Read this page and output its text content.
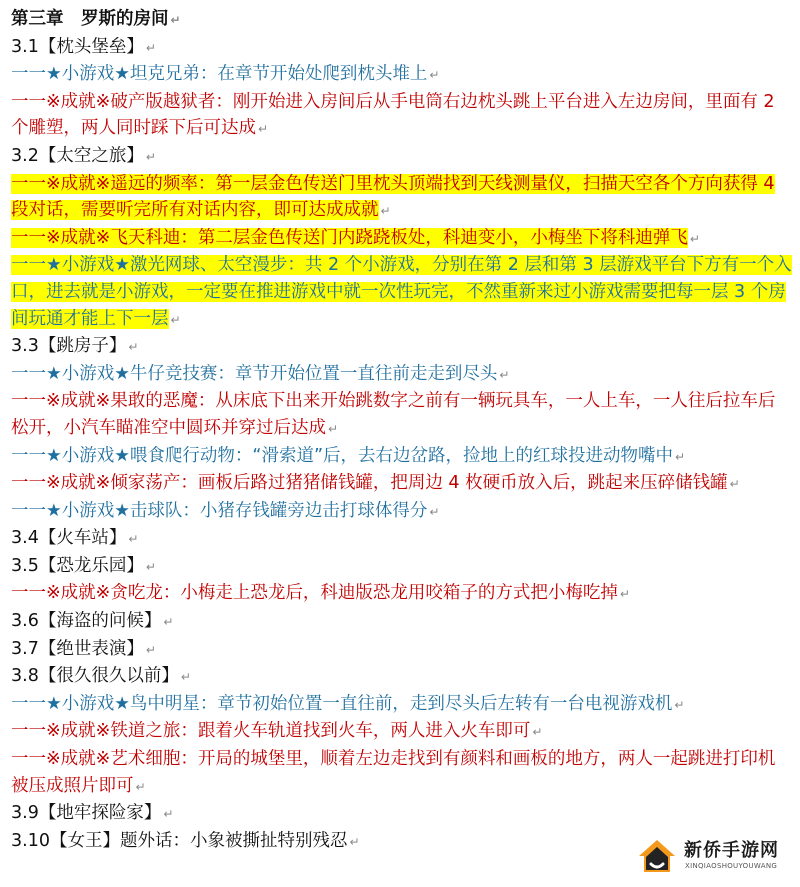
第三章　罗斯的房间 ↵
3.1【枕头堡垒】 ↵
一一★小游戏★坦克兄弟：在章节开始处爬到枕头堆上 ↵
一一※成就※破产版越狱者：刚开始进入房间后从手电筒右边枕头跳上平台进入左边房间，里面有 2 个雕塑，两人同时踩下后可达成 ↵
3.2【太空之旅】 ↵
一一※成就※遥远的频率：第一层金色传送门里枕头顶端找到天线测量仪，扫描天空各个方向获得 4 段对话，需要听完所有对话内容，即可达成成就 ↵
一一※成就※飞天科迪：第二层金色传送门内跷跷板处，科迪变小，小梅坐下将科迪弹飞 ↵
一一★小游戏★激光网球、太空漫步：共 2 个小游戏，分别在第 2 层和第 3 层游戏平台下方有一个入口，进去就是小游戏，一定要在推进游戏中就一次性玩完，不然重新来过小游戏需要把每一层 3 个房间玩通才能上下一层 ↵
3.3【跳房子】 ↵
一一★小游戏★牛仔竞技赛：章节开始位置一直往前走走到尽头 ↵
一一※成就※果敢的恶魔：从床底下出来开始跳数字之前有一辆玩具车，一人上车，一人往后拉车后松开，小汽车瞄准空中圆环并穿过后达成 ↵
一一★小游戏★喂食爬行动物：“滑索道”后，去右边岔路，捡地上的红球投进动物嘴中 ↵
一一※成就※倾家荡产：画板后路过猪猪储钱罐，把周边 4 枚硬币放入后，跳起来压碎储钱罐 ↵
一一★小游戏★击球队：小猪存钱罐旁边击打球体得分 ↵
3.4【火车站】 ↵
3.5【恐龙乐园】 ↵
一一※成就※贪吃龙：小梅走上恐龙后，科迪版恐龙用咬箱子的方式把小梅吃掉 ↵
3.6【海盗的问候】 ↵
3.7【绝世表演】 ↵
3.8【很久很久以前】 ↵
一一★小游戏★鸟中明星：章节初始位置一直往前，走到尽头后左转有一台电视游戏机 ↵
一一※成就※铁道之旅：跟着火车轨道找到火车，两人进入火车即可 ↵
一一※成就※艺术细胞：开局的城堡里，顺着左边走找到有颜料和画板的地方，两人一起跳进打印机被压成照片即可 ↵
3.9【地牢探险家】 ↵
3.10【女王】题外话：小象被撕扯特别残忍 ↵	新侨手游网
XINQIAOSHOUYOUWANG
